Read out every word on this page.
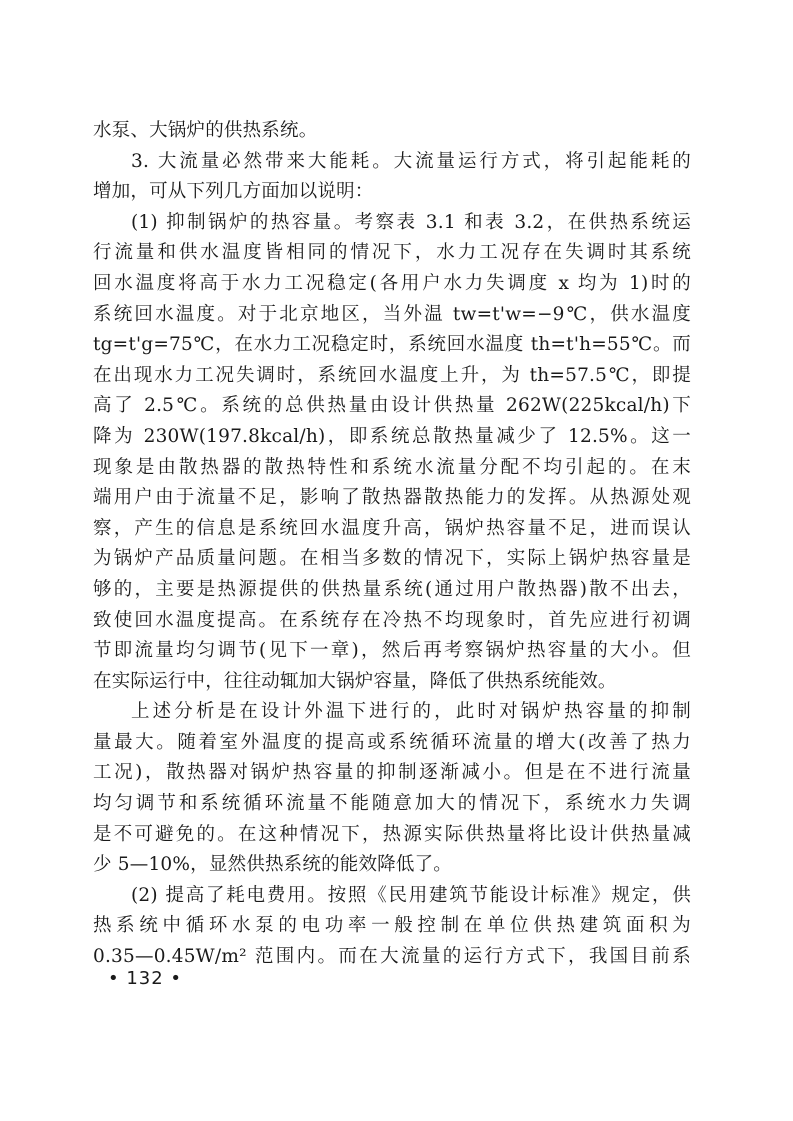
水泵、大锅炉的供热系统。
3. 大流量必然带来大能耗。大流量运行方式，将引起能耗的
增加，可从下列几方面加以说明：
(1) 抑制锅炉的热容量。考察表 3.1 和表 3.2，在供热系统运
行流量和供水温度皆相同的情况下，水力工况存在失调时其系统
回水温度将高于水力工况稳定(各用户水力失调度 x 均为 1)时的
系统回水温度。对于北京地区，当外温 tw=t'w=−9℃，供水温度
tg=t'g=75℃，在水力工况稳定时，系统回水温度 th=t'h=55℃。而
在出现水力工况失调时，系统回水温度上升，为 th=57.5℃，即提
高了 2.5℃。系统的总供热量由设计供热量 262W(225kcal/h)下
降为 230W(197.8kcal/h)，即系统总散热量减少了 12.5%。这一
现象是由散热器的散热特性和系统水流量分配不均引起的。在末
端用户由于流量不足，影响了散热器散热能力的发挥。从热源处观
察，产生的信息是系统回水温度升高，锅炉热容量不足，进而误认
为锅炉产品质量问题。在相当多数的情况下，实际上锅炉热容量是
够的，主要是热源提供的供热量系统(通过用户散热器)散不出去，
致使回水温度提高。在系统存在冷热不均现象时，首先应进行初调
节即流量均匀调节(见下一章)，然后再考察锅炉热容量的大小。但
在实际运行中，往往动辄加大锅炉容量，降低了供热系统能效。
上述分析是在设计外温下进行的，此时对锅炉热容量的抑制
量最大。随着室外温度的提高或系统循环流量的增大(改善了热力
工况)，散热器对锅炉热容量的抑制逐渐减小。但是在不进行流量
均匀调节和系统循环流量不能随意加大的情况下，系统水力失调
是不可避免的。在这种情况下，热源实际供热量将比设计供热量减
少 5—10%，显然供热系统的能效降低了。
(2) 提高了耗电费用。按照《民用建筑节能设计标准》规定，供
热系统中循环水泵的电功率一般控制在单位供热建筑面积为
0.35—0.45W/m² 范围内。而在大流量的运行方式下，我国目前系
• 132 •
